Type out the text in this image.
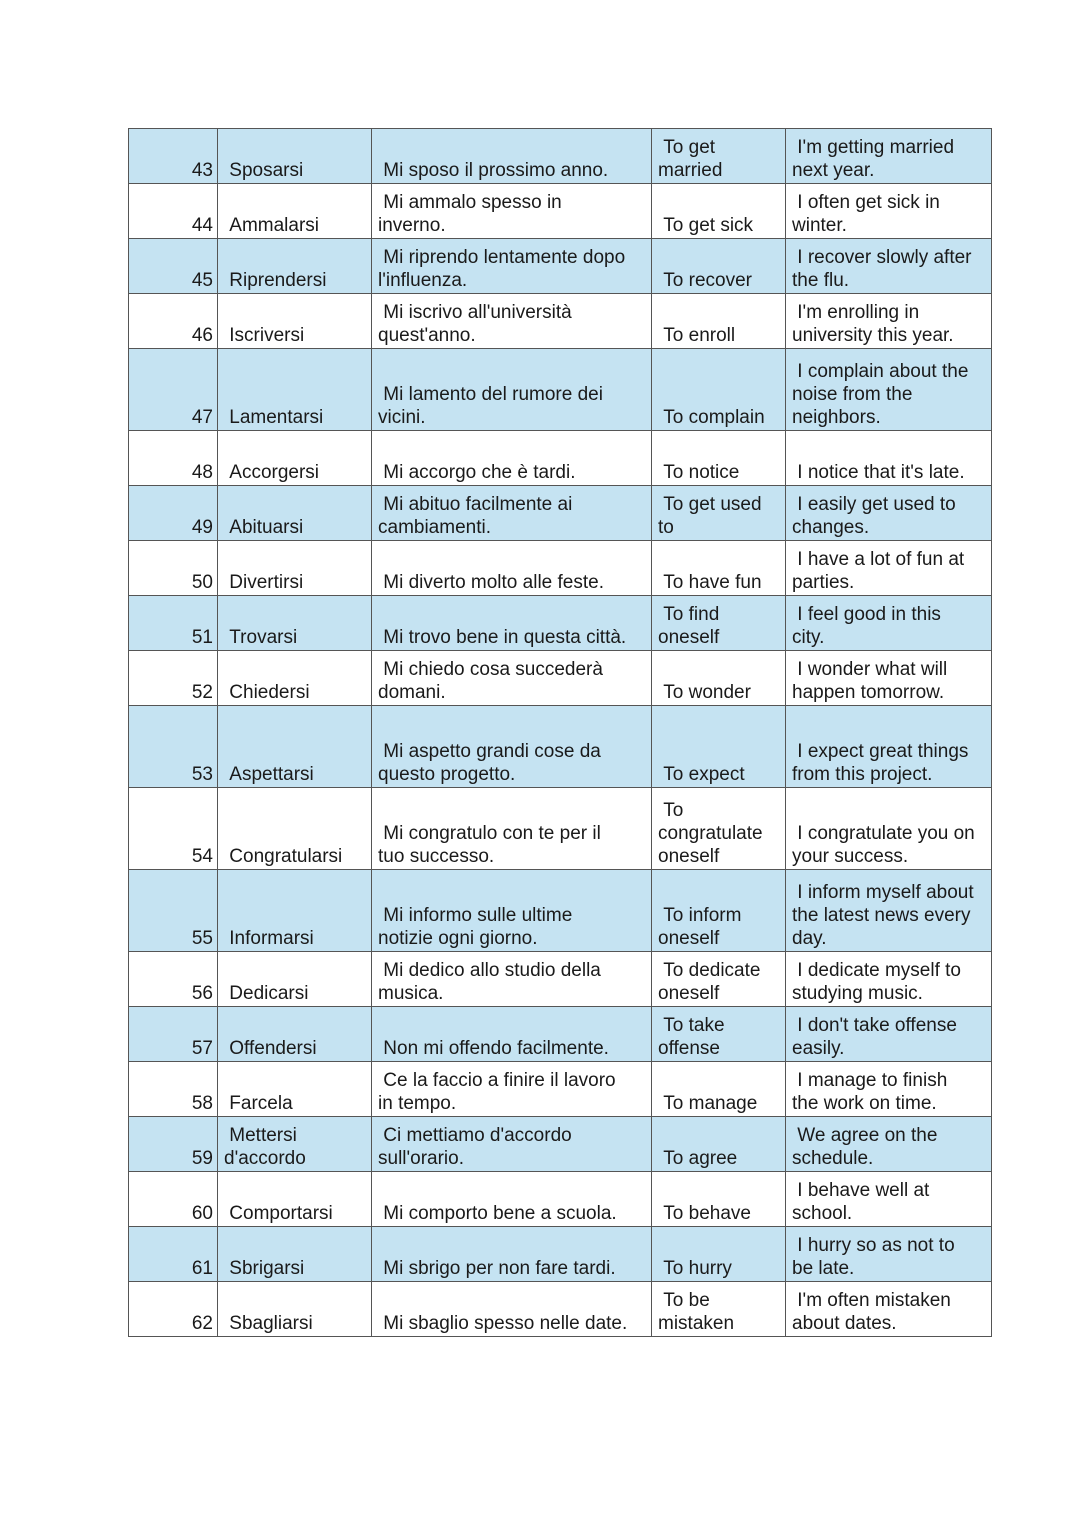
43	Sposarsi	Mi sposo il prossimo anno.	To get
married	I'm getting married
next year.
44	Ammalarsi	Mi ammalo spesso in
inverno.	To get sick	I often get sick in
winter.
45	Riprendersi	Mi riprendo lentamente dopo
l'influenza.	To recover	I recover slowly after
the flu.
46	Iscriversi	Mi iscrivo all'università
quest'anno.	To enroll	I'm enrolling in
university this year.
47	Lamentarsi	Mi lamento del rumore dei
vicini.	To complain	I complain about the
noise from the
neighbors.
48	Accorgersi	Mi accorgo che è tardi.	To notice	I notice that it's late.
49	Abituarsi	Mi abituo facilmente ai
cambiamenti.	To get used
to	I easily get used to
changes.
50	Divertirsi	Mi diverto molto alle feste.	To have fun	I have a lot of fun at
parties.
51	Trovarsi	Mi trovo bene in questa città.	To find
oneself	I feel good in this
city.
52	Chiedersi	Mi chiedo cosa succederà
domani.	To wonder	I wonder what will
happen tomorrow.
53	Aspettarsi	Mi aspetto grandi cose da
questo progetto.	To expect	I expect great things
from this project.
54	Congratularsi	Mi congratulo con te per il
tuo successo.	To
congratulate
oneself	I congratulate you on
your success.
55	Informarsi	Mi informo sulle ultime
notizie ogni giorno.	To inform
oneself	I inform myself about
the latest news every
day.
56	Dedicarsi	Mi dedico allo studio della
musica.	To dedicate
oneself	I dedicate myself to
studying music.
57	Offendersi	Non mi offendo facilmente.	To take
offense	I don't take offense
easily.
58	Farcela	Ce la faccio a finire il lavoro
in tempo.	To manage	I manage to finish
the work on time.
59	Mettersi
d'accordo	Ci mettiamo d'accordo
sull'orario.	To agree	We agree on the
schedule.
60	Comportarsi	Mi comporto bene a scuola.	To behave	I behave well at
school.
61	Sbrigarsi	Mi sbrigo per non fare tardi.	To hurry	I hurry so as not to
be late.
62	Sbagliarsi	Mi sbaglio spesso nelle date.	To be
mistaken	I'm often mistaken
about dates.
